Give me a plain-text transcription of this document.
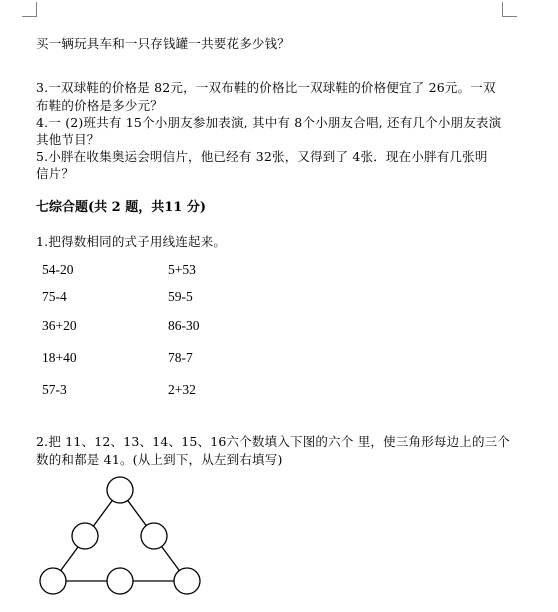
买一辆玩具车和一只存钱罐一共要花多少钱？
3.一双球鞋的价格是 82元，一双布鞋的价格比一双球鞋的价格便宜了 26元。一双
布鞋的价格是多少元？
4.一 (2)班共有 15个小朋友参加表演, 其中有 8个小朋友合唱, 还有几个小朋友表演
其他节目？
5.小胖在收集奥运会明信片，他已经有 32张，又得到了 4张．现在小胖有几张明
信片？
七综合题(共 2 题，共11 分)
1.把得数相同的式子用线连起来。
54-20
75-4
36+20
18+40
57-3
5+53
59-5
86-30
78-7
2+32
2.把 11、12、13、14、15、16六个数填入下图的六个 里，使三角形每边上的三个
数的和都是 41。(从上到下，从左到右填写)
